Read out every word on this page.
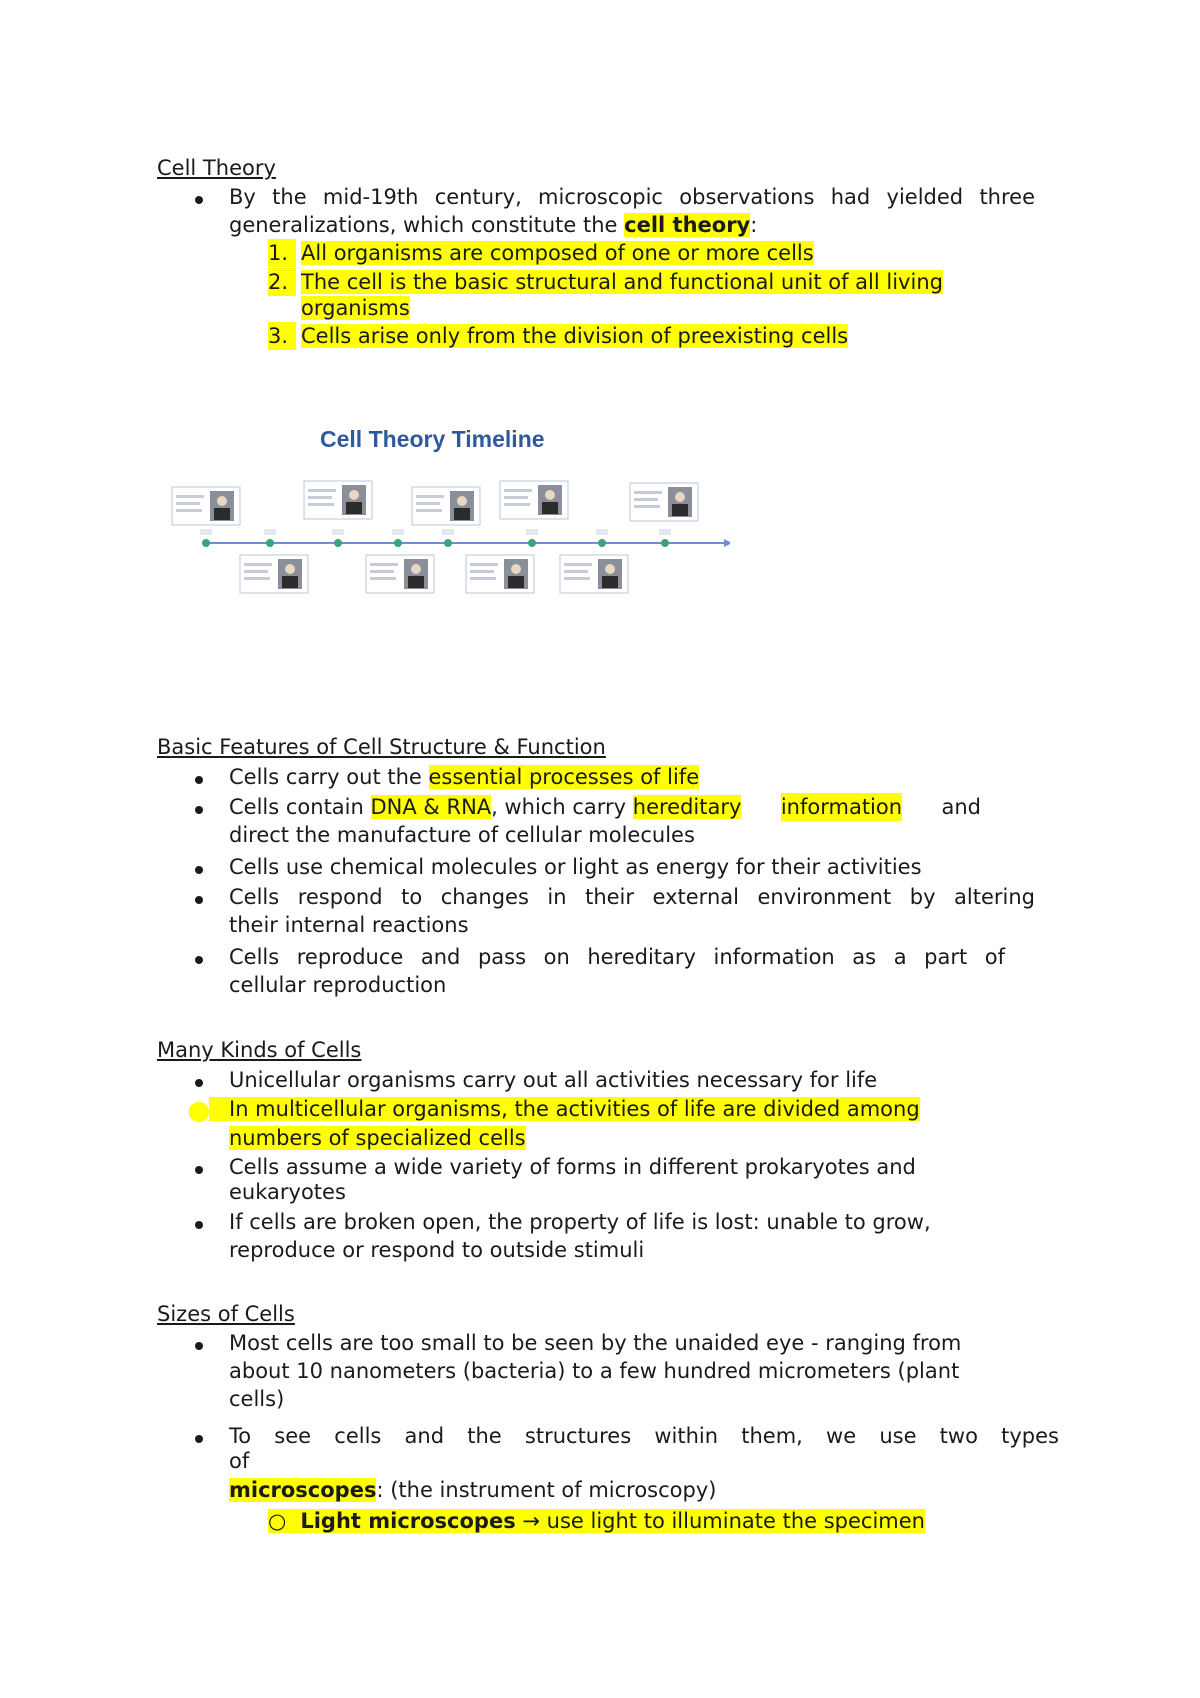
Cell Theory
By the mid-19th century, microscopic observations had yielded three
generalizations, which constitute the cell theory:
1. All organisms are composed of one or more cells
2. The cell is the basic structural and functional unit of all living
organisms
3. Cells arise only from the division of preexisting cells
Cell Theory Timeline
Basic Features of Cell Structure & Function
Cells carry out the essential processes of life
Cells contain DNA & RNA, which carry hereditary information and
direct the manufacture of cellular molecules
Cells use chemical molecules or light as energy for their activities
Cells respond to changes in their external environment by altering
their internal reactions
Cells reproduce and pass on hereditary information as a part of
cellular reproduction
Many Kinds of Cells
Unicellular organisms carry out all activities necessary for life
In multicellular organisms, the activities of life are divided among
numbers of specialized cells
Cells assume a wide variety of forms in different prokaryotes and
eukaryotes
If cells are broken open, the property of life is lost: unable to grow,
reproduce or respond to outside stimuli
Sizes of Cells
Most cells are too small to be seen by the unaided eye - ranging from
about 10 nanometers (bacteria) to a few hundred micrometers (plant
cells)
To see cells and the structures within them, we use two types
of
microscopes: (the instrument of microscopy)
○ Light microscopes → use light to illuminate the specimen
